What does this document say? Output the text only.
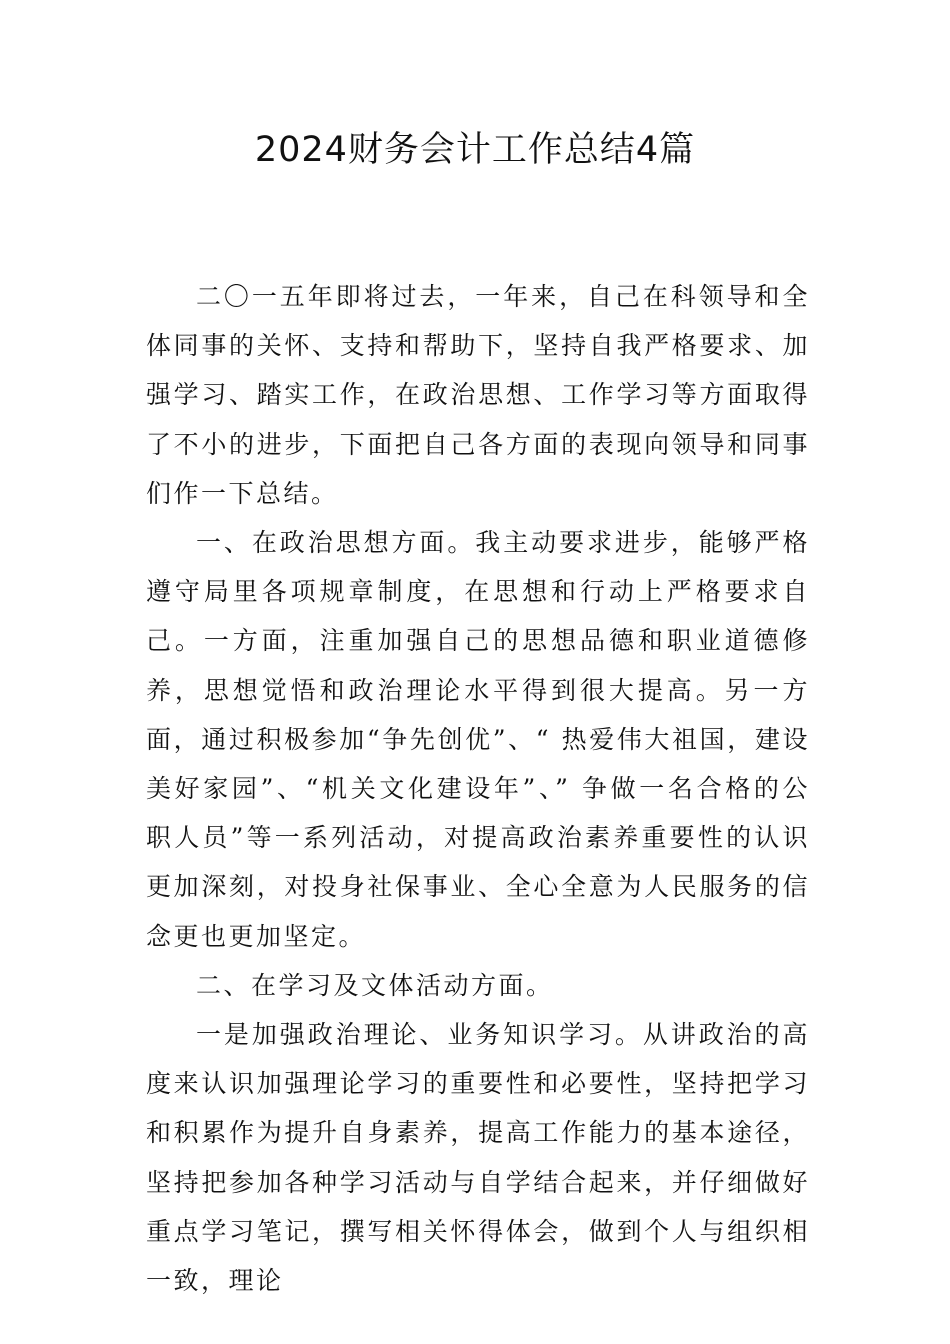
2024财务会计工作总结4篇

二〇一五年即将过去，一年来，自己在科领导和全体同事的关怀、支持和帮助下，坚持自我严格要求、加强学习、踏实工作，在政治思想、工作学习等方面取得了不小的进步，下面把自己各方面的表现向领导和同事们作一下总结。

一、在政治思想方面。我主动要求进步，能够严格遵守局里各项规章制度，在思想和行动上严格要求自己。一方面，注重加强自己的思想品德和职业道德修养，思想觉悟和政治理论水平得到很大提高。另一方面，通过积极参加“争先创优”、“ 热爱伟大祖国，建设美好家园”、“机关文化建设年”、” 争做一名合格的公职人员”等一系列活动，对提高政治素养重要性的认识更加深刻，对投身社保事业、全心全意为人民服务的信念更也更加坚定。

二、在学习及文体活动方面。

一是加强政治理论、业务知识学习。从讲政治的高度来认识加强理论学习的重要性和必要性，坚持把学习和积累作为提升自身素养，提高工作能力的基本途径，坚持把参加各种学习活动与自学结合起来，并仔细做好重点学习笔记，撰写相关怀得体会，做到个人与组织相一致，理论
